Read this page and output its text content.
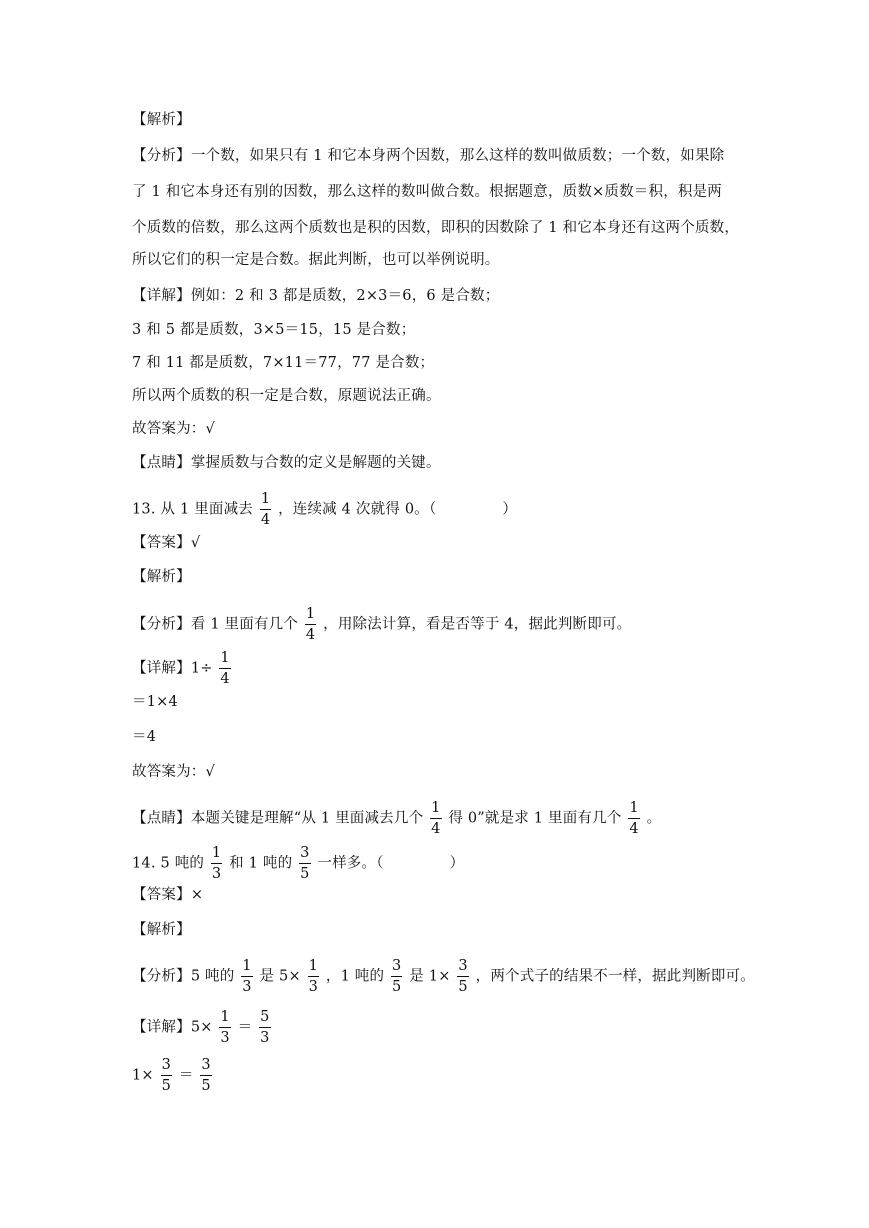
【解析】
【分析】一个数，如果只有 1 和它本身两个因数，那么这样的数叫做质数；一个数，如果除
了 1 和它本身还有别的因数，那么这样的数叫做合数。根据题意，质数×质数＝积，积是两
个质数的倍数，那么这两个质数也是积的因数，即积的因数除了 1 和它本身还有这两个质数，
所以它们的积一定是合数。据此判断，也可以举例说明。
【详解】例如：2 和 3 都是质数，2×3＝6，6 是合数；
3 和 5 都是质数，3×5＝15，15 是合数；
7 和 11 都是质数，7×11＝77，77 是合数；
所以两个质数的积一定是合数，原题说法正确。
故答案为：√
【点睛】掌握质数与合数的定义是解题的关键。
13. 从 1 里面减去 $\frac{1}{4}$ ，连续减 4 次就得 0。（	）
【答案】√
【解析】
【分析】看 1 里面有几个 $\frac{1}{4}$ ，用除法计算，看是否等于 4，据此判断即可。
【详解】$1\div \frac{1}{4}$
＝1×4
＝4
故答案为：√
【点睛】本题关键是理解“从 1 里面减去几个 $\frac{1}{4}$ 得 0”就是求 1 里面有几个 $\frac{1}{4}$ 。
14. 5 吨的 $\frac{1}{3}$ 和 1 吨的 $\frac{3}{5}$ 一样多。（	）
【答案】×
【解析】
【分析】5 吨的 $\frac{1}{3}$ 是 $5\times \frac{1}{3}$ ，1 吨的 $\frac{3}{5}$ 是 $1\times \frac{3}{5}$ ，两个式子的结果不一样，据此判断即可。
【详解】$5\times \frac{1}{3} = \frac{5}{3}$
$1\times \frac{3}{5} = \frac{3}{5}$
